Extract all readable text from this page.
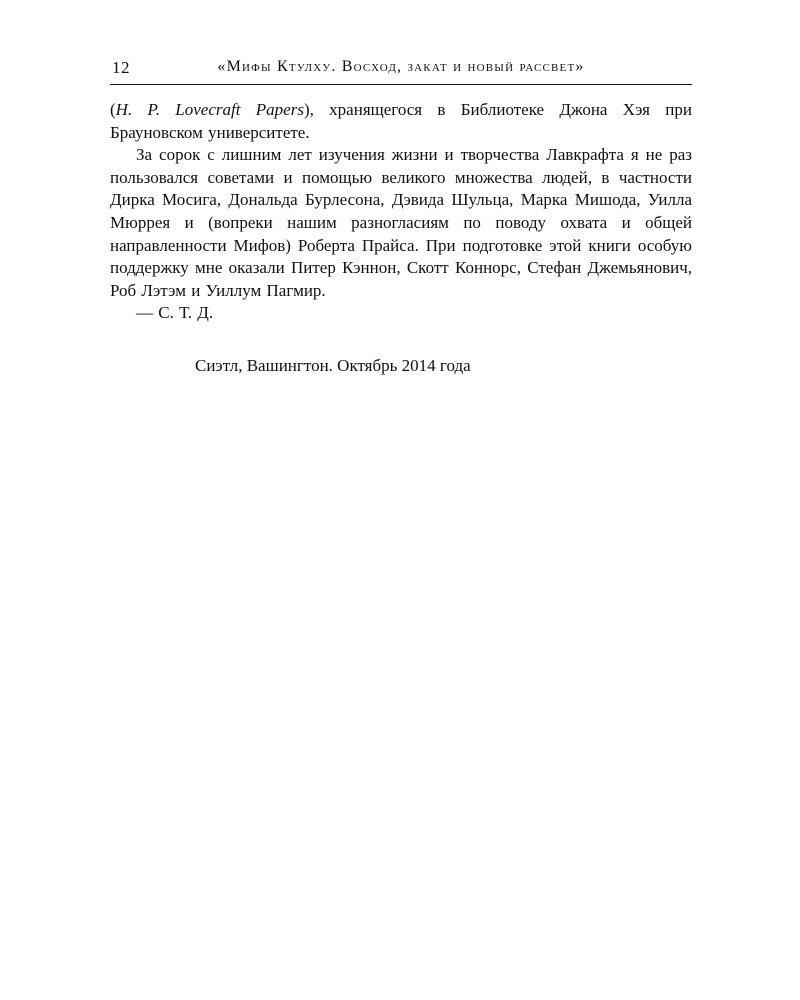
12	«Мифы Ктулху. Восход, закат и новый рассвет»

(H. P. Lovecraft Papers), хранящегося в Библиотеке Джона Хэя при Брауновском университете.

За сорок с лишним лет изучения жизни и творчества Лавкрафта я не раз пользовался советами и помощью великого множества людей, в частности Дирка Мосига, Дональда Бурлесона, Дэвида Шульца, Марка Мишода, Уилла Мюррея и (вопреки нашим разногласиям по поводу охвата и общей направленности Мифов) Роберта Прайса. При подготовке этой книги особую поддержку мне оказали Питер Кэннон, Скотт Коннорс, Стефан Джемьянович, Роб Лэтэм и Уиллум Пагмир.

— С. Т. Д.

Сиэтл, Вашингтон. Октябрь 2014 года
